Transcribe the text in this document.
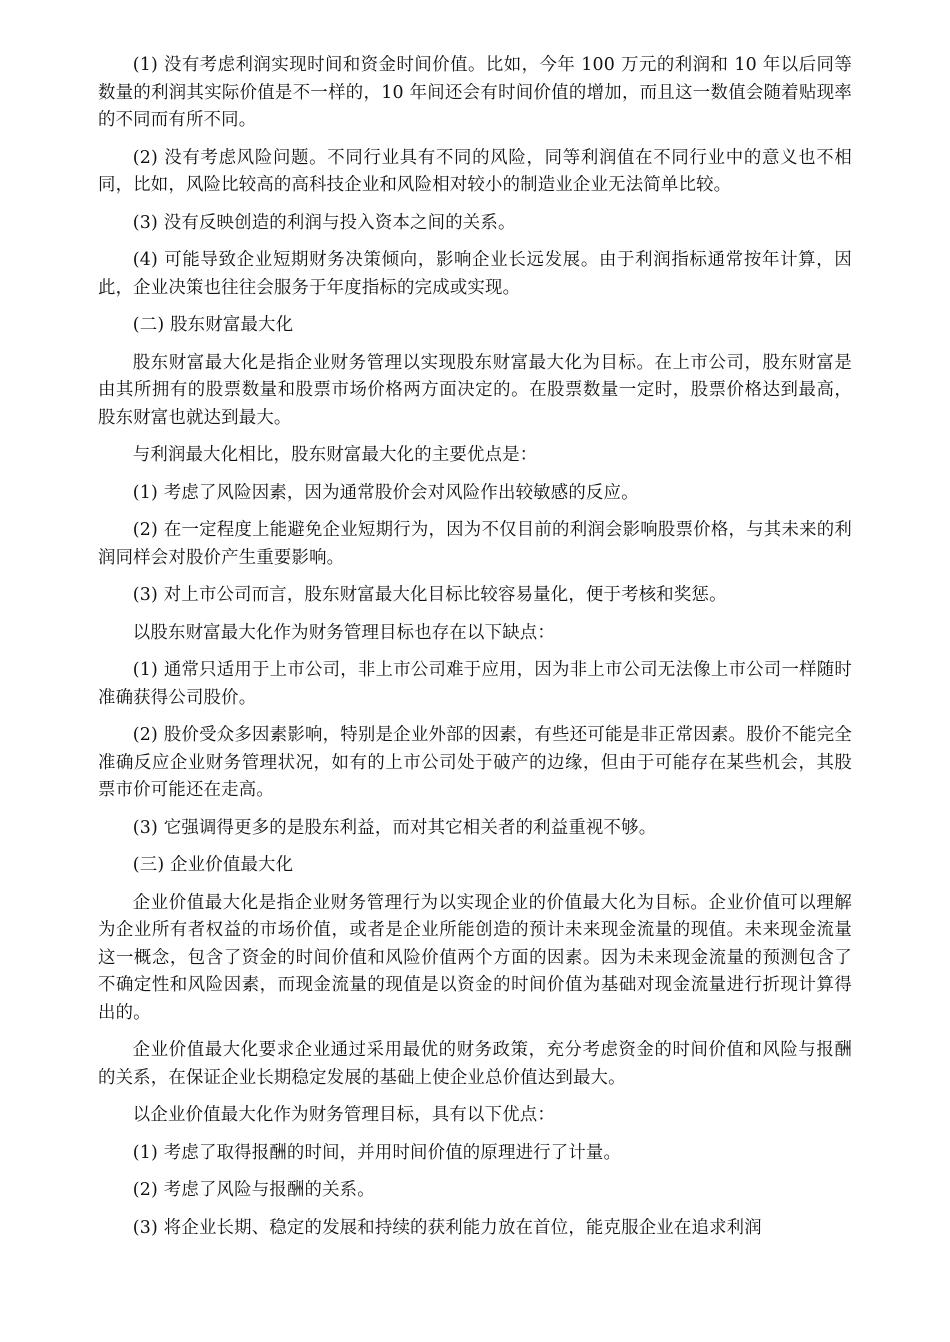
(1) 没有考虑利润实现时间和资金时间价值。比如，今年 100 万元的利润和 10 年以后同等数量的利润其实际价值是不一样的，10 年间还会有时间价值的增加，而且这一数值会随着贴现率的不同而有所不同。

(2) 没有考虑风险问题。不同行业具有不同的风险，同等利润值在不同行业中的意义也不相同，比如，风险比较高的高科技企业和风险相对较小的制造业企业无法简单比较。

(3) 没有反映创造的利润与投入资本之间的关系。

(4) 可能导致企业短期财务决策倾向，影响企业长远发展。由于利润指标通常按年计算，因此，企业决策也往往会服务于年度指标的完成或实现。

(二) 股东财富最大化

股东财富最大化是指企业财务管理以实现股东财富最大化为目标。在上市公司，股东财富是由其所拥有的股票数量和股票市场价格两方面决定的。在股票数量一定时，股票价格达到最高，股东财富也就达到最大。

与利润最大化相比，股东财富最大化的主要优点是：

(1) 考虑了风险因素，因为通常股价会对风险作出较敏感的反应。

(2) 在一定程度上能避免企业短期行为，因为不仅目前的利润会影响股票价格，与其未来的利润同样会对股价产生重要影响。

(3) 对上市公司而言，股东财富最大化目标比较容易量化，便于考核和奖惩。

以股东财富最大化作为财务管理目标也存在以下缺点：

(1) 通常只适用于上市公司，非上市公司难于应用，因为非上市公司无法像上市公司一样随时准确获得公司股价。

(2) 股价受众多因素影响，特别是企业外部的因素，有些还可能是非正常因素。股价不能完全准确反应企业财务管理状况，如有的上市公司处于破产的边缘，但由于可能存在某些机会，其股票市价可能还在走高。

(3) 它强调得更多的是股东利益，而对其它相关者的利益重视不够。

(三) 企业价值最大化

企业价值最大化是指企业财务管理行为以实现企业的价值最大化为目标。企业价值可以理解为企业所有者权益的市场价值，或者是企业所能创造的预计未来现金流量的现值。未来现金流量这一概念，包含了资金的时间价值和风险价值两个方面的因素。因为未来现金流量的预测包含了不确定性和风险因素，而现金流量的现值是以资金的时间价值为基础对现金流量进行折现计算得出的。

企业价值最大化要求企业通过采用最优的财务政策，充分考虑资金的时间价值和风险与报酬的关系，在保证企业长期稳定发展的基础上使企业总价值达到最大。

以企业价值最大化作为财务管理目标，具有以下优点：

(1) 考虑了取得报酬的时间，并用时间价值的原理进行了计量。

(2) 考虑了风险与报酬的关系。

(3) 将企业长期、稳定的发展和持续的获利能力放在首位，能克服企业在追求利润
